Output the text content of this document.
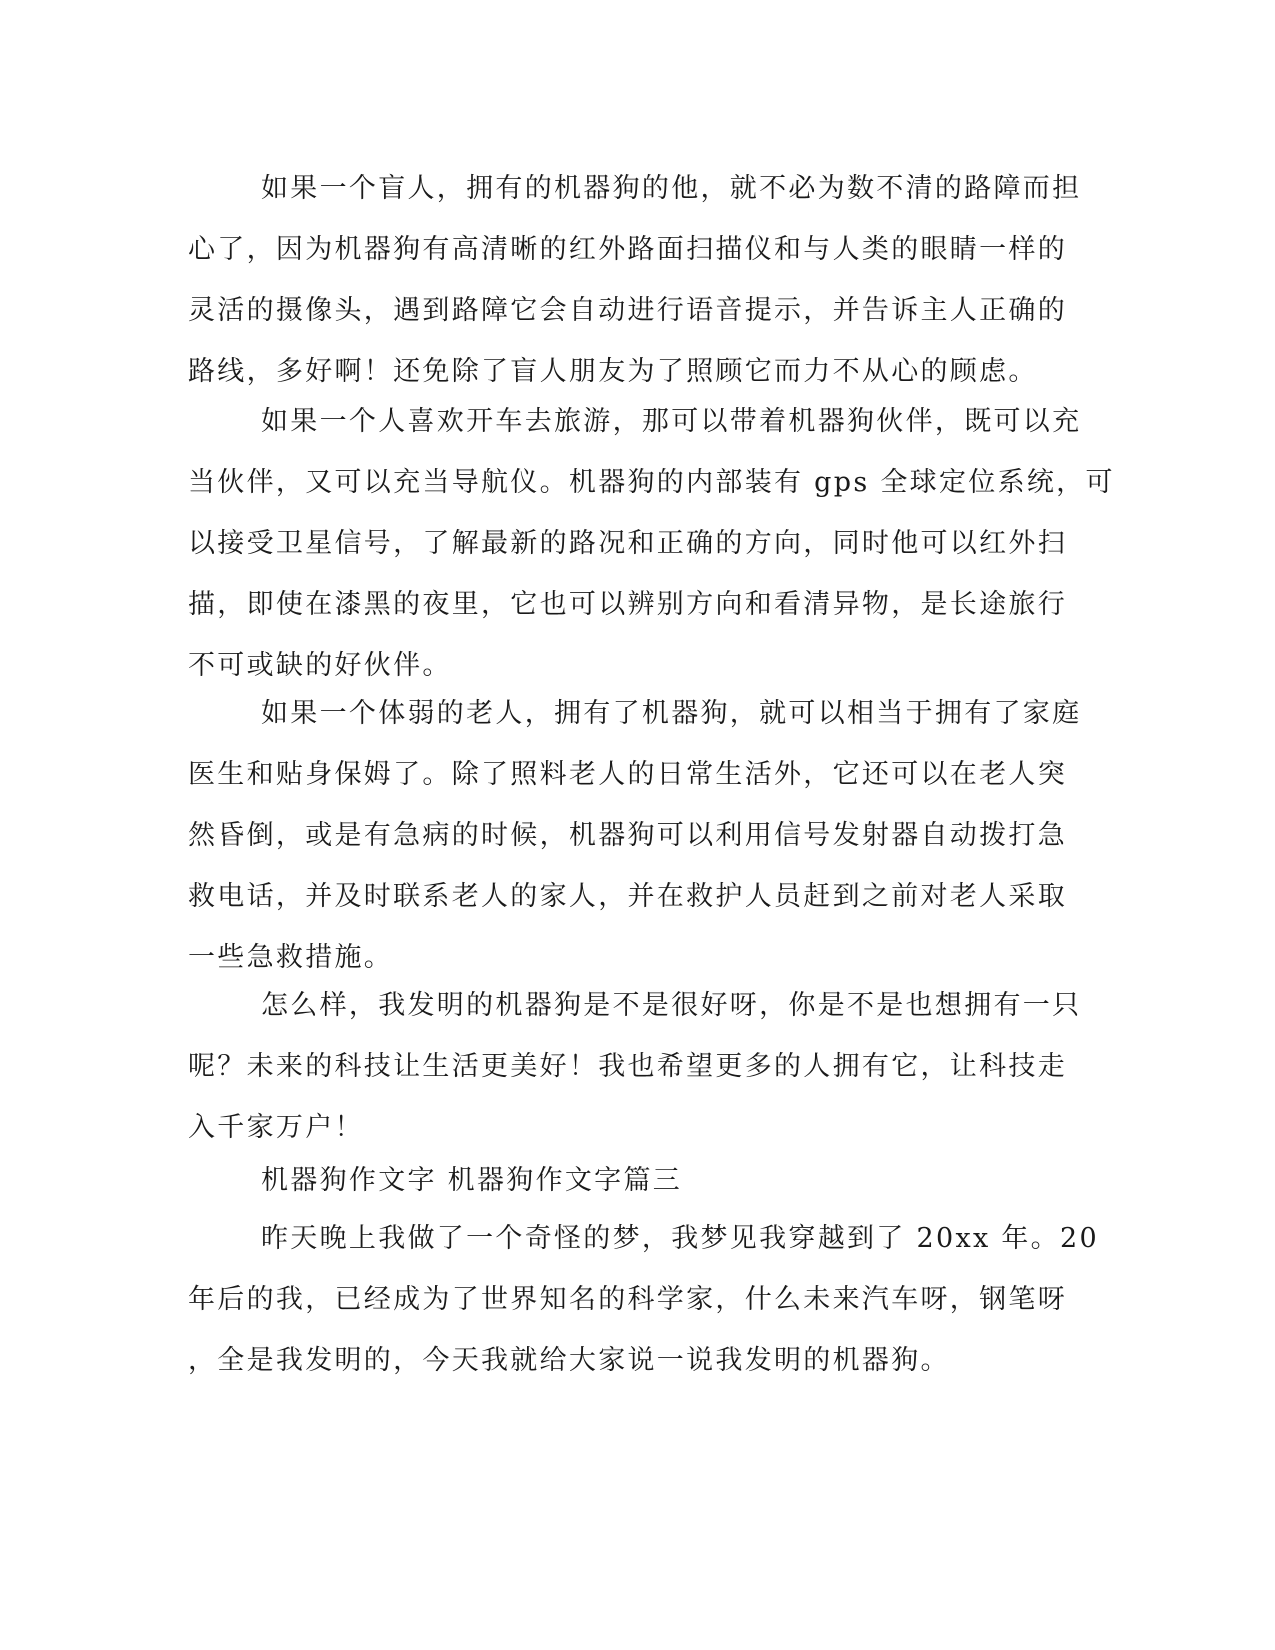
如果一个盲人，拥有的机器狗的他，就不必为数不清的路障而担
心了，因为机器狗有高清晰的红外路面扫描仪和与人类的眼睛一样的
灵活的摄像头，遇到路障它会自动进行语音提示，并告诉主人正确的
路线，多好啊！还免除了盲人朋友为了照顾它而力不从心的顾虑。
如果一个人喜欢开车去旅游，那可以带着机器狗伙伴，既可以充
当伙伴，又可以充当导航仪。机器狗的内部装有 gps 全球定位系统，可
以接受卫星信号，了解最新的路况和正确的方向，同时他可以红外扫
描，即使在漆黑的夜里，它也可以辨别方向和看清异物，是长途旅行
不可或缺的好伙伴。
如果一个体弱的老人，拥有了机器狗，就可以相当于拥有了家庭
医生和贴身保姆了。除了照料老人的日常生活外，它还可以在老人突
然昏倒，或是有急病的时候，机器狗可以利用信号发射器自动拨打急
救电话，并及时联系老人的家人，并在救护人员赶到之前对老人采取
一些急救措施。
怎么样，我发明的机器狗是不是很好呀，你是不是也想拥有一只
呢？未来的科技让生活更美好！我也希望更多的人拥有它，让科技走
入千家万户！
机器狗作文字 机器狗作文字篇三
昨天晚上我做了一个奇怪的梦，我梦见我穿越到了 20xx 年。20
年后的我，已经成为了世界知名的科学家，什么未来汽车呀，钢笔呀
，全是我发明的，今天我就给大家说一说我发明的机器狗。
